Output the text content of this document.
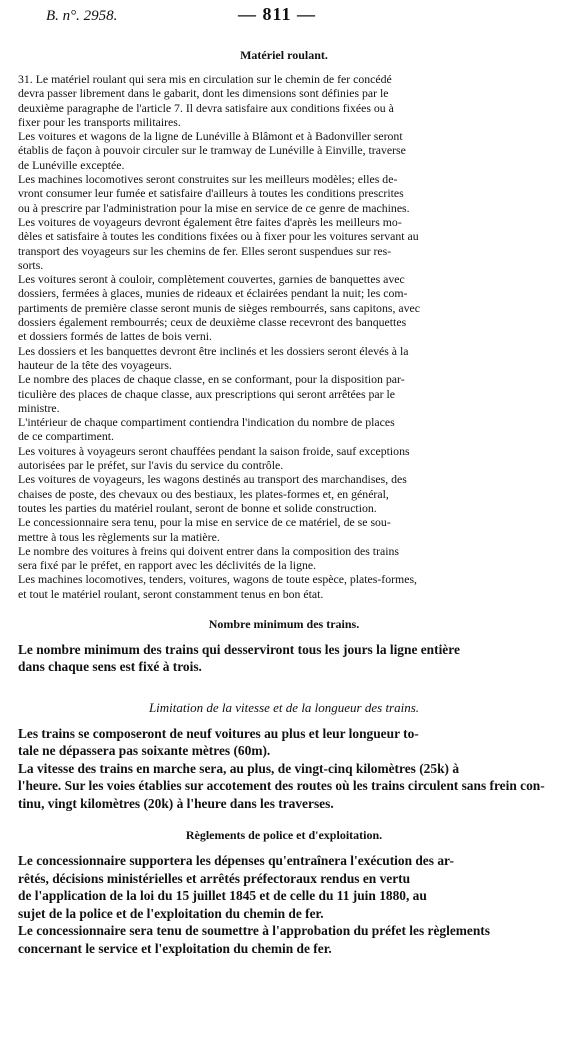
B. n°. 2958.	— 811 —
Matériel roulant.

31. Le matériel roulant qui sera mis en circulation sur le chemin de fer concédé

devra passer librement dans le gabarit, dont les dimensions sont définies par le

deuxième paragraphe de l'article 7. Il devra satisfaire aux conditions fixées ou à

fixer pour les transports militaires.

Les voitures et wagons de la ligne de Lunéville à Blâmont et à Badonviller seront

établis de façon à pouvoir circuler sur le tramway de Lunéville à Einville, traverse

de Lunéville exceptée.

Les machines locomotives seront construites sur les meilleurs modèles; elles de-

vront consumer leur fumée et satisfaire d'ailleurs à toutes les conditions prescrites

ou à prescrire par l'administration pour la mise en service de ce genre de machines.

Les voitures de voyageurs devront également être faites d'après les meilleurs mo-

dèles et satisfaire à toutes les conditions fixées ou à fixer pour les voitures servant au

transport des voyageurs sur les chemins de fer. Elles seront suspendues sur res-

sorts.

Les voitures seront à couloir, complètement couvertes, garnies de banquettes avec

dossiers, fermées à glaces, munies de rideaux et éclairées pendant la nuit; les com-

partiments de première classe seront munis de sièges rembourrés, sans capitons, avec

dossiers également rembourrés; ceux de deuxième classe recevront des banquettes

et dossiers formés de lattes de bois verni.

Les dossiers et les banquettes devront être inclinés et les dossiers seront élevés à la

hauteur de la tête des voyageurs.

Le nombre des places de chaque classe, en se conformant, pour la disposition par-

ticulière des places de chaque classe, aux prescriptions qui seront arrêtées par le

ministre.

L'intérieur de chaque compartiment contiendra l'indication du nombre de places

de ce compartiment.

Les voitures à voyageurs seront chauffées pendant la saison froide, sauf exceptions

autorisées par le préfet, sur l'avis du service du contrôle.

Les voitures de voyageurs, les wagons destinés au transport des marchandises, des

chaises de poste, des chevaux ou des bestiaux, les plates-formes et, en général,

toutes les parties du matériel roulant, seront de bonne et solide construction.

Le concessionnaire sera tenu, pour la mise en service de ce matériel, de se sou-

mettre à tous les règlements sur la matière.

Le nombre des voitures à freins qui doivent entrer dans la composition des trains

sera fixé par le préfet, en rapport avec les déclivités de la ligne.

Les machines locomotives, tenders, voitures, wagons de toute espèce, plates-formes,

et tout le matériel roulant, seront constamment tenus en bon état.

Nombre minimum des trains.

Le nombre minimum des trains qui desserviront tous les jours la ligne entière

dans chaque sens est fixé à trois.

Limitation de la vitesse et de la longueur des trains.

Les trains se composeront de neuf voitures au plus et leur longueur to-

tale ne dépassera pas soixante mètres (60m).

La vitesse des trains en marche sera, au plus, de vingt-cinq kilomètres (25k) à

l'heure. Sur les voies établies sur accotement des routes où les trains circulent sans frein con-

tinu, vingt kilomètres (20k) à l'heure dans les traverses.

Règlements de police et d'exploitation.

Le concessionnaire supportera les dépenses qu'entraînera l'exécution des ar-

rêtés, décisions ministérielles et arrêtés préfectoraux rendus en vertu

de l'application de la loi du 15 juillet 1845 et de celle du 11 juin 1880, au

sujet de la police et de l'exploitation du chemin de fer.

Le concessionnaire sera tenu de soumettre à l'approbation du préfet les règlements

concernant le service et l'exploitation du chemin de fer.
